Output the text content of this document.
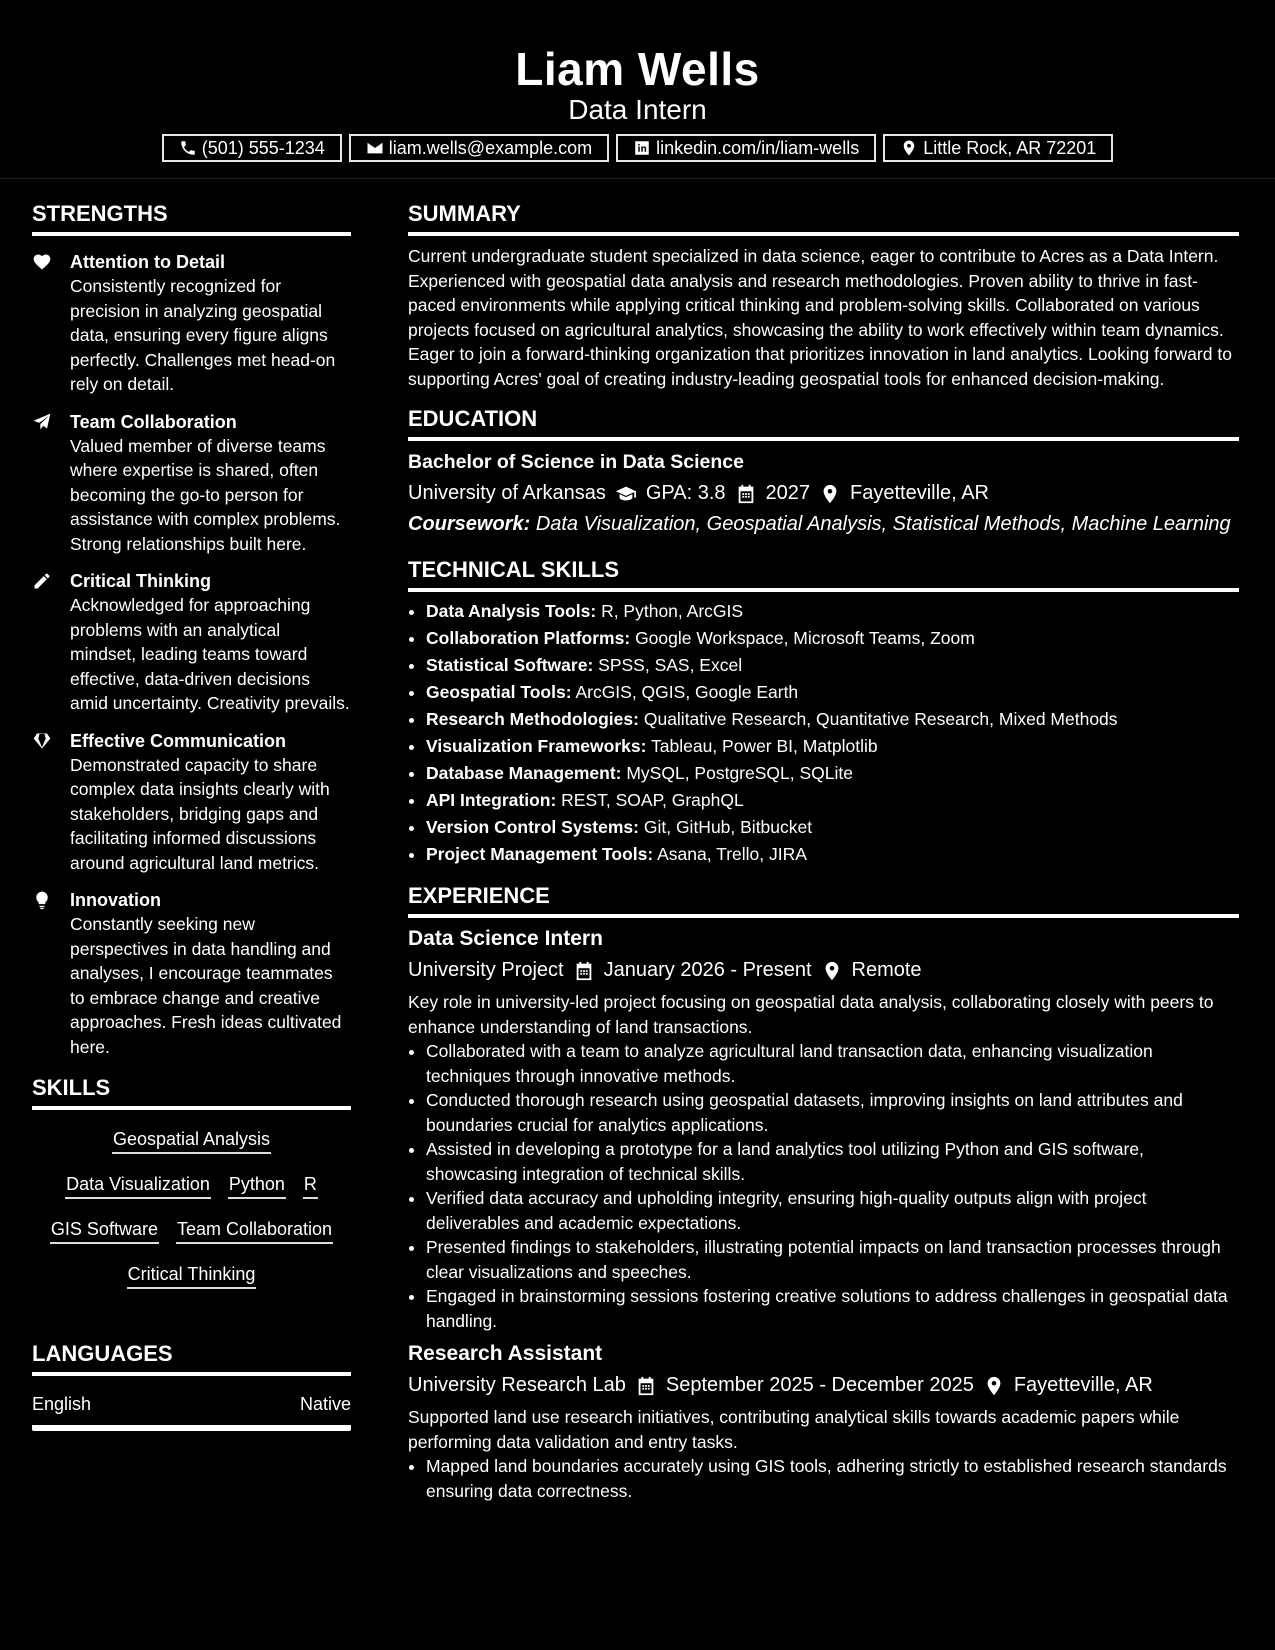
Liam Wells
Data Intern
(501) 555-1234	liam.wells@example.com	linkedin.com/in/liam-wells	Little Rock, AR 72201
STRENGTHS
Attention to Detail
Consistently recognized for precision in analyzing geospatial data, ensuring every figure aligns perfectly. Challenges met head-on rely on detail.
Team Collaboration
Valued member of diverse teams where expertise is shared, often becoming the go-to person for assistance with complex problems. Strong relationships built here.
Critical Thinking
Acknowledged for approaching problems with an analytical mindset, leading teams toward effective, data-driven decisions amid uncertainty. Creativity prevails.
Effective Communication
Demonstrated capacity to share complex data insights clearly with stakeholders, bridging gaps and facilitating informed discussions around agricultural land metrics.
Innovation
Constantly seeking new perspectives in data handling and analyses, I encourage teammates to embrace change and creative approaches. Fresh ideas cultivated here.
SKILLS
Geospatial Analysis
Data Visualization Python R
GIS Software Team Collaboration
Critical Thinking
LANGUAGES
English	Native
SUMMARY
Current undergraduate student specialized in data science, eager to contribute to Acres as a Data Intern. Experienced with geospatial data analysis and research methodologies. Proven ability to thrive in fast-paced environments while applying critical thinking and problem-solving skills. Collaborated on various projects focused on agricultural analytics, showcasing the ability to work effectively within team dynamics. Eager to join a forward-thinking organization that prioritizes innovation in land analytics. Looking forward to supporting Acres' goal of creating industry-leading geospatial tools for enhanced decision-making.
EDUCATION
Bachelor of Science in Data Science
University of Arkansas GPA: 3.8 2027 Fayetteville, AR
Coursework: Data Visualization, Geospatial Analysis, Statistical Methods, Machine Learning
TECHNICAL SKILLS
• Data Analysis Tools: R, Python, ArcGIS
• Collaboration Platforms: Google Workspace, Microsoft Teams, Zoom
• Statistical Software: SPSS, SAS, Excel
• Geospatial Tools: ArcGIS, QGIS, Google Earth
• Research Methodologies: Qualitative Research, Quantitative Research, Mixed Methods
• Visualization Frameworks: Tableau, Power BI, Matplotlib
• Database Management: MySQL, PostgreSQL, SQLite
• API Integration: REST, SOAP, GraphQL
• Version Control Systems: Git, GitHub, Bitbucket
• Project Management Tools: Asana, Trello, JIRA
EXPERIENCE
Data Science Intern
University Project January 2026 - Present Remote
Key role in university-led project focusing on geospatial data analysis, collaborating closely with peers to enhance understanding of land transactions.
• Collaborated with a team to analyze agricultural land transaction data, enhancing visualization techniques through innovative methods.
• Conducted thorough research using geospatial datasets, improving insights on land attributes and boundaries crucial for analytics applications.
• Assisted in developing a prototype for a land analytics tool utilizing Python and GIS software, showcasing integration of technical skills.
• Verified data accuracy and upholding integrity, ensuring high-quality outputs align with project deliverables and academic expectations.
• Presented findings to stakeholders, illustrating potential impacts on land transaction processes through clear visualizations and speeches.
• Engaged in brainstorming sessions fostering creative solutions to address challenges in geospatial data handling.
Research Assistant
University Research Lab September 2025 - December 2025 Fayetteville, AR
Supported land use research initiatives, contributing analytical skills towards academic papers while performing data validation and entry tasks.
• Mapped land boundaries accurately using GIS tools, adhering strictly to established research standards ensuring data correctness.
